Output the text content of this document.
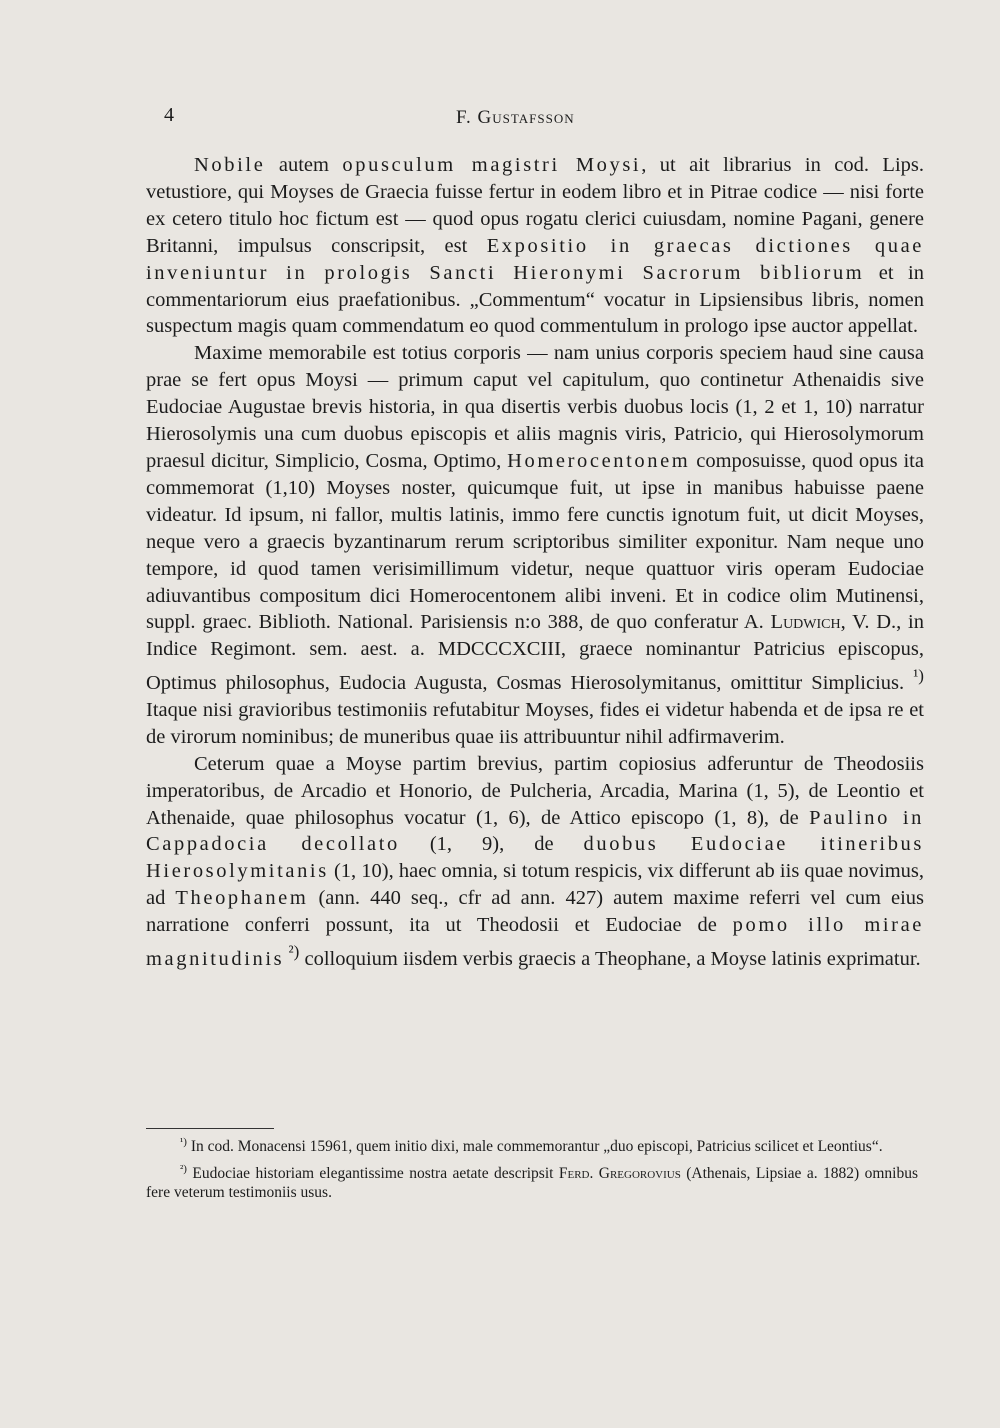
4	F. Gustafsson

Nobile autem opusculum magistri Moysi, ut ait librarius in cod. Lips. vetustiore, qui Moyses de Graecia fuisse fertur in eodem libro et in Pitrae codice — nisi forte ex cetero titulo hoc fictum est — quod opus rogatu clerici cuiusdam, nomine Pagani, genere Britanni, impulsus conscripsit, est Expositio in graecas dictiones quae inveniuntur in prologis Sancti Hieronymi Sacrorum bibliorum et in commentariorum eius praefationibus. „Commentum“ vocatur in Lipsiensibus libris, nomen suspectum magis quam commendatum eo quod commentulum in prologo ipse auctor appellat.

Maxime memorabile est totius corporis — nam unius corporis speciem haud sine causa prae se fert opus Moysi — primum caput vel capitulum, quo continetur Athenaidis sive Eudociae Augustae brevis historia, in qua disertis verbis duobus locis (1, 2 et 1, 10) narratur Hierosolymis una cum duobus episcopis et aliis magnis viris, Patricio, qui Hierosolymorum praesul dicitur, Simplicio, Cosma, Optimo, Homerocentonem composuisse, quod opus ita commemorat (1,10) Moyses noster, quicumque fuit, ut ipse in manibus habuisse paene videatur. Id ipsum, ni fallor, multis latinis, immo fere cunctis ignotum fuit, ut dicit Moyses, neque vero a graecis byzantinarum rerum scriptoribus similiter exponitur. Nam neque uno tempore, id quod tamen verisimillimum videtur, neque quattuor viris operam Eudociae adiuvantibus compositum dici Homerocentonem alibi inveni. Et in codice olim Mutinensi, suppl. graec. Biblioth. National. Parisiensis n:o 388, de quo conferatur A. Ludwich, V. D., in Indice Regimont. sem. aest. a. MDCCCXCIII, graece nominantur Patricius episcopus, Optimus philosophus, Eudocia Augusta, Cosmas Hierosolymitanus, omittitur Simplicius. $^{^1)}$ Itaque nisi gravioribus testimoniis refutabitur Moyses, fides ei videtur habenda et de ipsa re et de virorum nominibus; de muneribus quae iis attribuuntur nihil adfirmaverim.

Ceterum quae a Moyse partim brevius, partim copiosius adferuntur de Theodosiis imperatoribus, de Arcadio et Honorio, de Pulcheria, Arcadia, Marina (1, 5), de Leontio et Athenaide, quae philosophus vocatur (1, 6), de Attico episcopo (1, 8), de Paulino in Cappadocia decollato (1, 9), de duobus Eudociae itineribus Hierosolymitanis (1, 10), haec omnia, si totum respicis, vix differunt ab iis quae novimus, ad Theophanem (ann. 440 seq., cfr ad ann. 427) autem maxime referri vel cum eius narratione conferri possunt, ita ut Theodosii et Eudociae de pomo illo mirae magnitudinis $^{^2)}$ colloquium iisdem verbis graecis a Theophane, a Moyse latinis exprimatur.

$^{^1)}$ In cod. Monacensi 15961, quem initio dixi, male commemorantur „duo episcopi, Patricius scilicet et Leontius“.

$^{^2)}$ Eudociae historiam elegantissime nostra aetate descripsit Ferd. Gregorovius (Athenais, Lipsiae a. 1882) omnibus fere veterum testimoniis usus.
